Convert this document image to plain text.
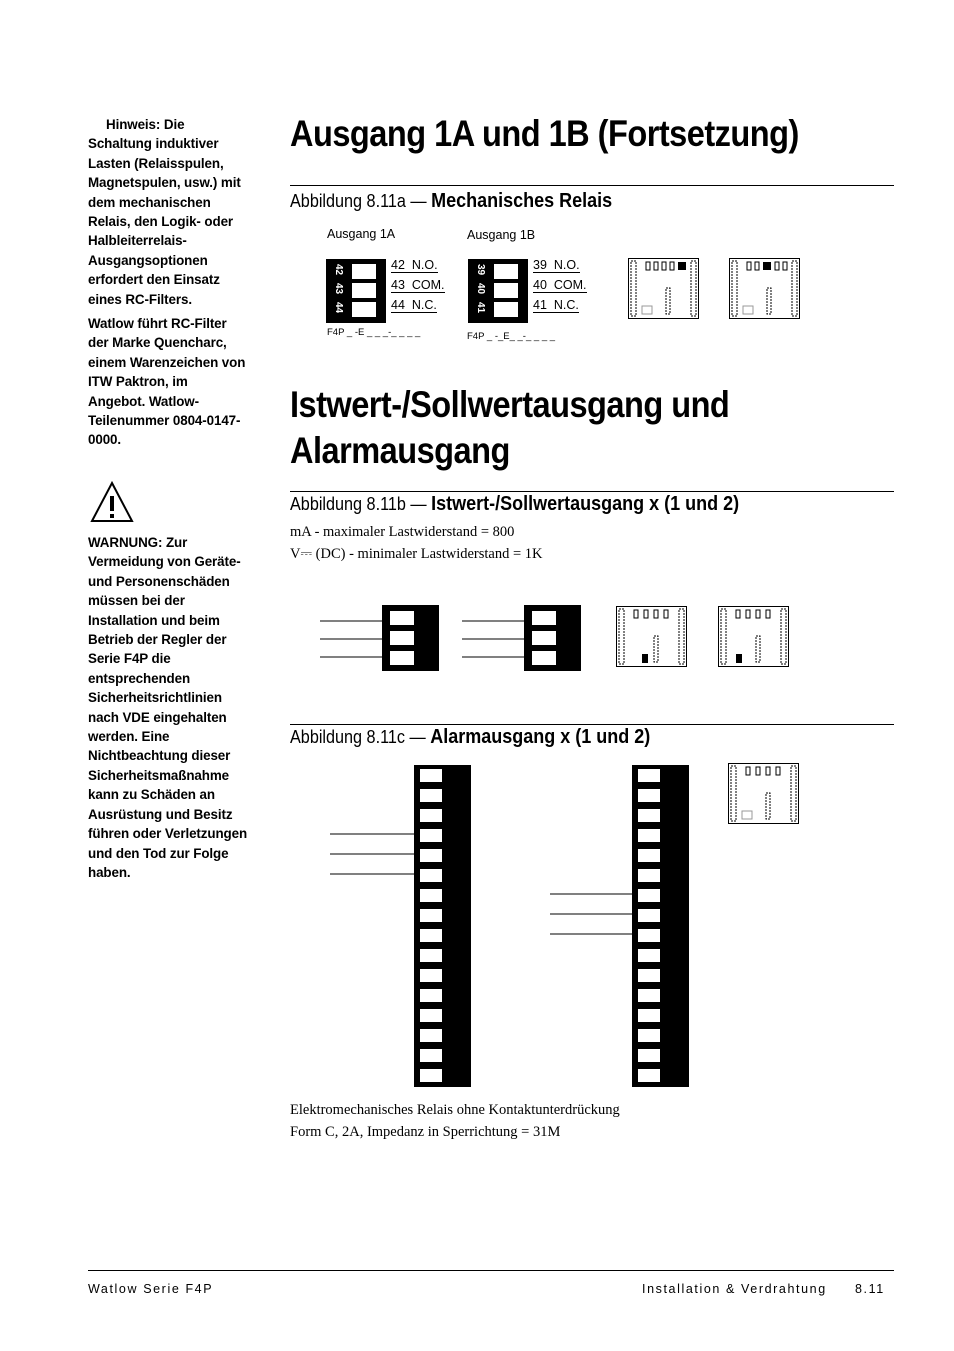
Hinweis: Die
Schaltung induktiver
Lasten (Relaisspulen,
Magnetspulen, usw.) mit
dem mechanischen
Relais, den Logik- oder
Halbleiterrelais-
Ausgangsoptionen
erfordert den Einsatz
eines RC-Filters.
Watlow führt RC-Filter
der Marke Quencharc,
einem Warenzeichen von
ITW Paktron, im
Angebot. Watlow-
Teilenummer 0804-0147-
0000.
WARNUNG: Zur
Vermeidung von Geräte-
und Personenschäden
müssen bei der
Installation und beim
Betrieb der Regler der
Serie F4P die
entsprechenden
Sicherheitsrichtlinien
nach VDE eingehalten
werden. Eine
Nichtbeachtung dieser
Sicherheitsmaßnahme
kann zu Schäden an
Ausrüstung und Besitz
führen oder Verletzungen
und den Tod zur Folge
haben.
Ausgang 1A und 1B (Fortsetzung)
Abbildung 8.11a — Mechanisches Relais
Ausgang 1A	Ausgang 1B
42
43
44
42  N.O.
43  COM.
44  N.C.
F4P _ -E _ _ _-_ _ _ _
39
40
41
39  N.O.
40  COM.
41  N.C.
F4P _ -_E_ _-_ _ _ _
Istwert-/Sollwertausgang und
Alarmausgang
Abbildung 8.11b — Istwert-/Sollwertausgang x (1 und 2)
mA - maximaler Lastwiderstand = 800
V⎓ (DC) - minimaler Lastwiderstand = 1K
Abbildung 8.11c — Alarmausgang x (1 und 2)
Elektromechanisches Relais ohne Kontaktunterdrückung
Form C, 2A, Impedanz in Sperrichtung = 31M
Watlow Serie F4P	Installation & Verdrahtung 8.11
